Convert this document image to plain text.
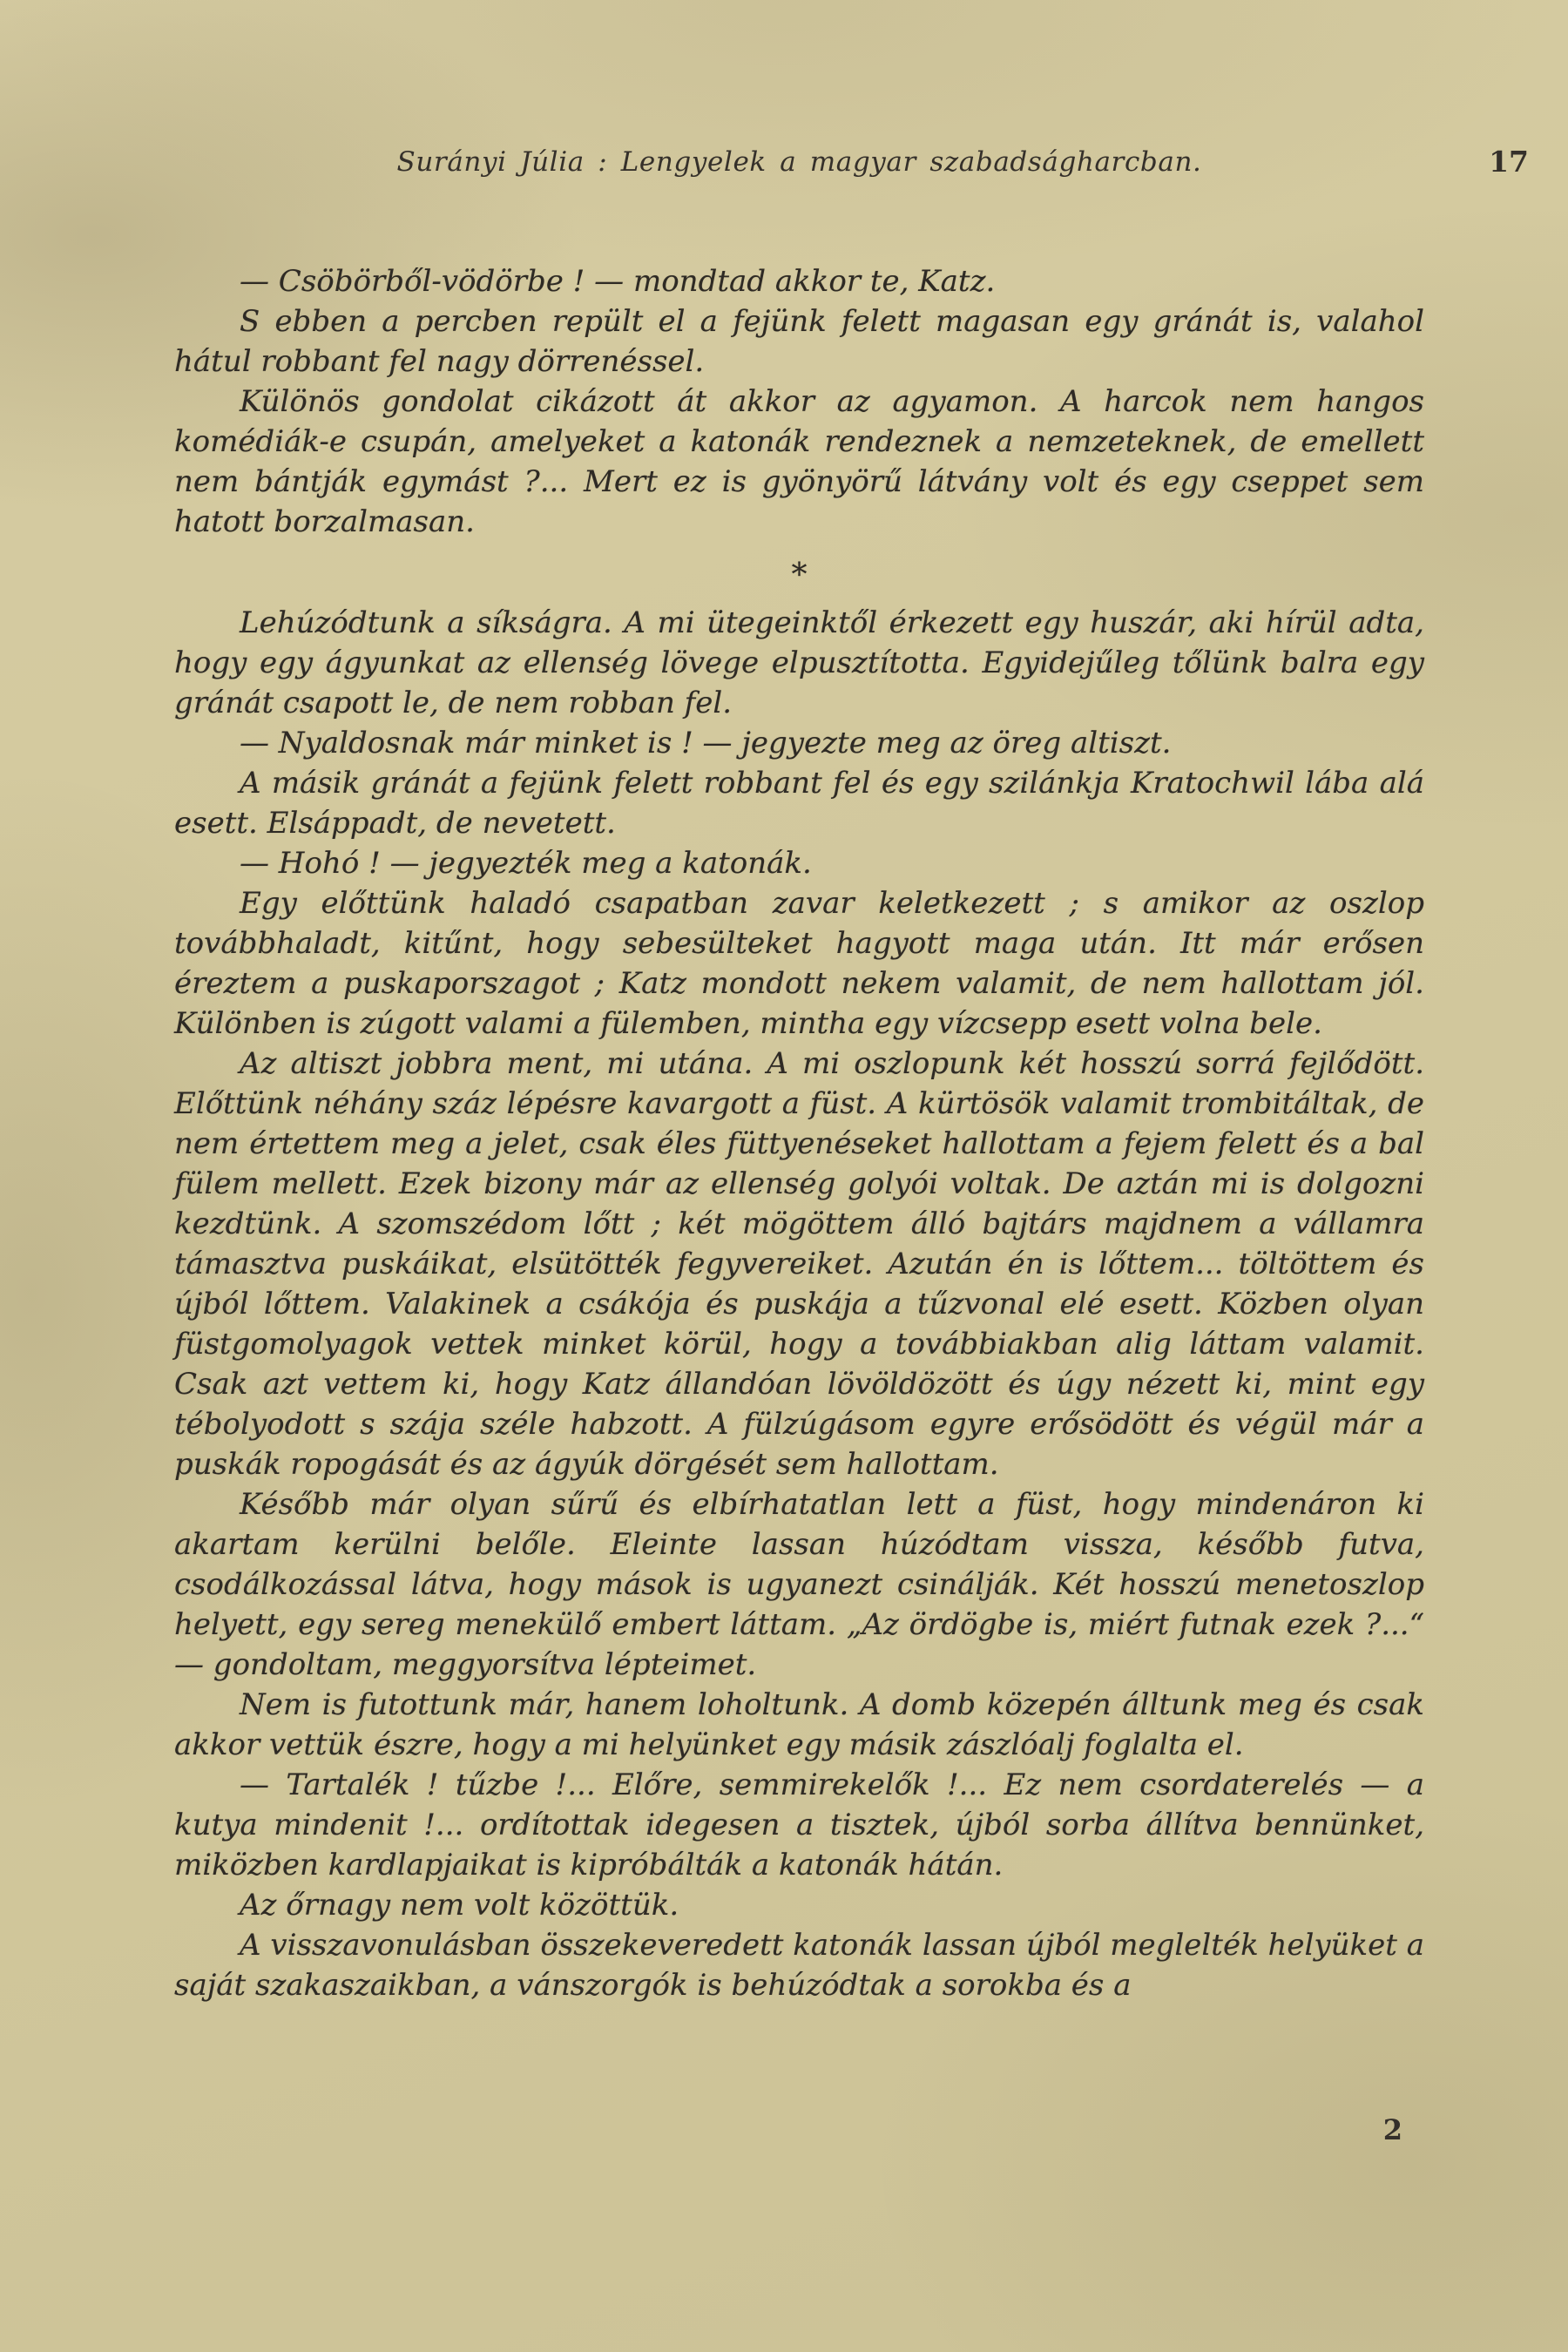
Surányi Júlia : Lengyelek a magyar szabadságharcban.	17

— Csöbörből-vödörbe ! — mondtad akkor te, Katz.

S ebben a percben repült el a fejünk felett magasan egy gránát is, valahol hátul robbant fel nagy dörrenéssel.

Különös gondolat cikázott át akkor az agyamon. A harcok nem hangos komédiák-e csupán, amelyeket a katonák rendeznek a nemzeteknek, de emellett nem bántják egymást ?... Mert ez is gyönyörű látvány volt és egy cseppet sem hatott borzalmasan.

*

Lehúzódtunk a síkságra. A mi ütegeinktől érkezett egy huszár, aki hírül adta, hogy egy ágyunkat az ellenség lövege elpusztította. Egyidejűleg tőlünk balra egy gránát csapott le, de nem robban fel.

— Nyaldosnak már minket is ! — jegyezte meg az öreg altiszt.

A másik gránát a fejünk felett robbant fel és egy szilánkja Kratochwil lába alá esett. Elsáppadt, de nevetett.

— Hohó ! — jegyezték meg a katonák.

Egy előttünk haladó csapatban zavar keletkezett ; s amikor az oszlop továbbhaladt, kitűnt, hogy sebesülteket hagyott maga után. Itt már erősen éreztem a puskaporszagot ; Katz mondott nekem valamit, de nem hallottam jól. Különben is zúgott valami a fülemben, mintha egy vízcsepp esett volna bele.

Az altiszt jobbra ment, mi utána. A mi oszlopunk két hosszú sorrá fejlődött. Előttünk néhány száz lépésre kavargott a füst. A kürtösök valamit trombitáltak, de nem értettem meg a jelet, csak éles füttyenéseket hallottam a fejem felett és a bal fülem mellett. Ezek bizony már az ellenség golyói voltak. De aztán mi is dolgozni kezdtünk. A szomszédom lőtt ; két mögöttem álló bajtárs majdnem a vállamra támasztva puskáikat, elsütötték fegyvereiket. Azután én is lőttem... töltöttem és újból lőttem. Valakinek a csákója és puskája a tűzvonal elé esett. Közben olyan füstgomolyagok vettek minket körül, hogy a továbbiakban alig láttam valamit. Csak azt vettem ki, hogy Katz állandóan lövöldözött és úgy nézett ki, mint egy tébolyodott s szája széle habzott. A fülzúgásom egyre erősödött és végül már a puskák ropogását és az ágyúk dörgését sem hallottam.

Később már olyan sűrű és elbírhatatlan lett a füst, hogy mindenáron ki akartam kerülni belőle. Eleinte lassan húzódtam vissza, később futva, csodálkozással látva, hogy mások is ugyanezt csinálják. Két hosszú menetoszlop helyett, egy sereg menekülő embert láttam. „Az ördögbe is, miért futnak ezek ?...“ — gondoltam, meggyorsítva lépteimet.

Nem is futottunk már, hanem loholtunk. A domb közepén álltunk meg és csak akkor vettük észre, hogy a mi helyünket egy másik zászlóalj foglalta el.

— Tartalék ! tűzbe !... Előre, semmirekelők !... Ez nem csordaterelés — a kutya mindenit !... ordítottak idegesen a tisztek, újból sorba állítva bennünket, miközben kardlapjaikat is kipróbálták a katonák hátán.

Az őrnagy nem volt közöttük.

A visszavonulásban összekeveredett katonák lassan újból meglelték helyüket a saját szakaszaikban, a vánszorgók is behúzódtak a sorokba és a

2
